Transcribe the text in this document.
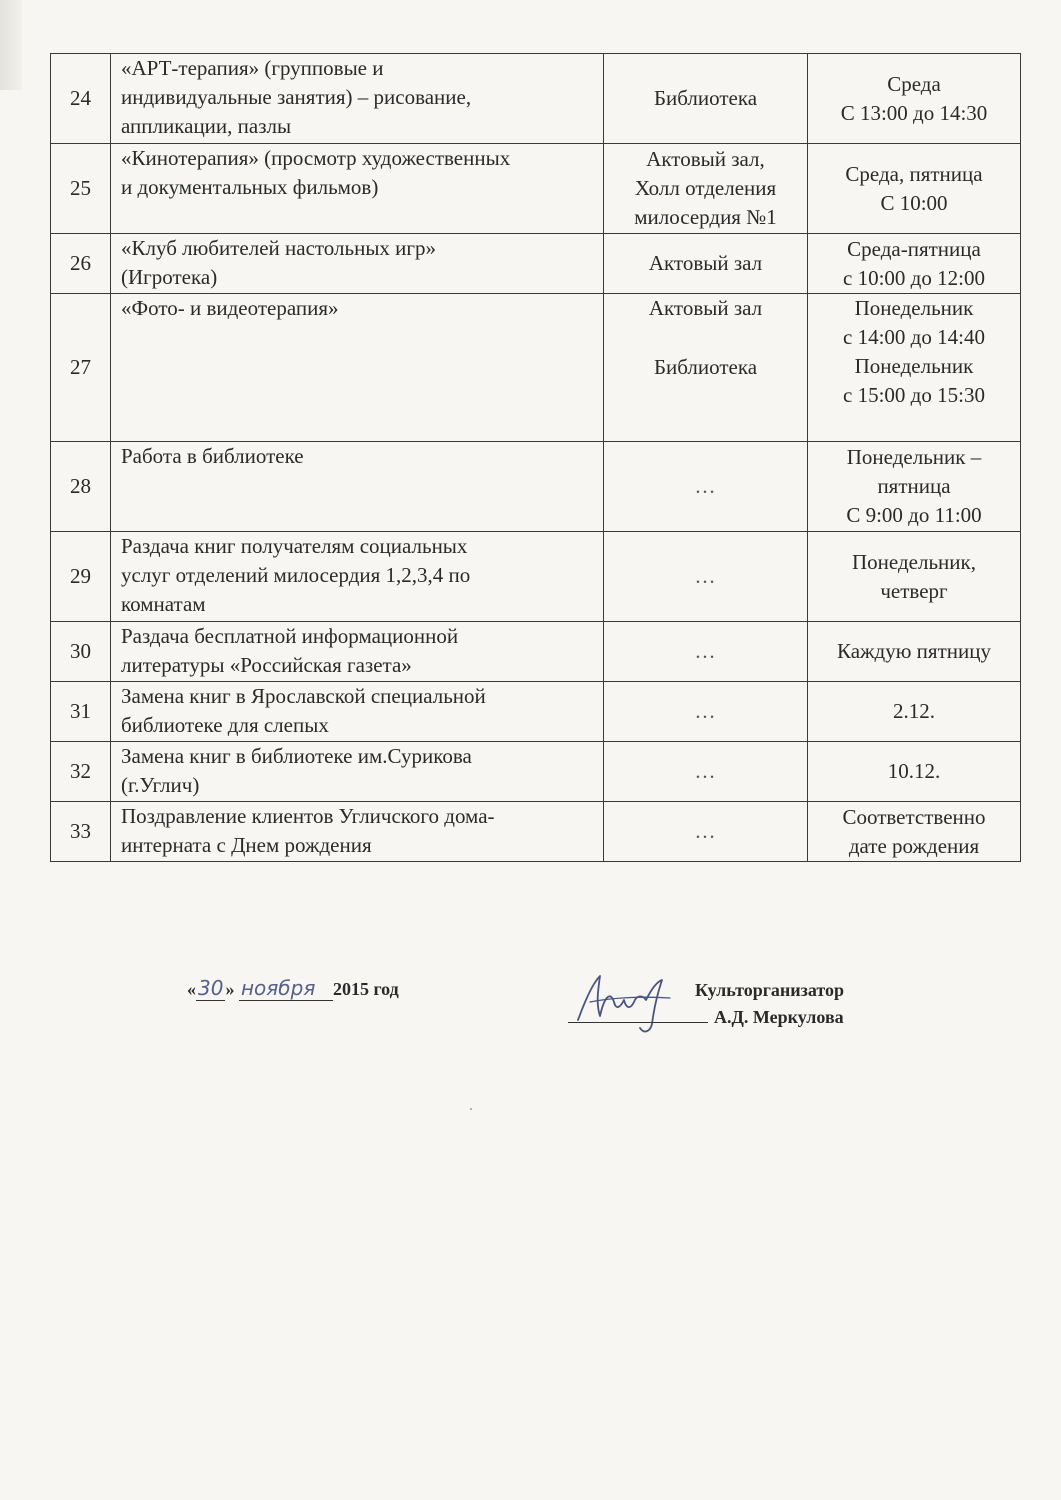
24	«АРТ-терапия» (групповые и
индивидуальные занятия) – рисование,
аппликации, пазлы	Библиотека	Среда
С 13:00 до 14:30

25	«Кинотерапия» (просмотр художественных
и документальных фильмов)	Актовый зал,
Холл отделения
милосердия №1	Среда, пятница
С 10:00

26	«Клуб любителей настольных игр»
(Игротека)	Актовый зал	Среда-пятница
с 10:00 до 12:00

27	«Фото- и видеотерапия»	Актовый зал
Библиотека	Понедельник
с 14:00 до 14:40
Понедельник
с 15:00 до 15:30

28	Работа в библиотеке	…	Понедельник –
пятница
С 9:00 до 11:00

29	Раздача книг получателям социальных
услуг отделений милосердия 1,2,3,4 по
комнатам	…	Понедельник,
четверг

30	Раздача бесплатной информационной
литературы «Российская газета»	…	Каждую пятницу

31	Замена книг в Ярославской специальной
библиотеке для слепых	…	2.12.

32	Замена книг в библиотеке им.Сурикова
(г.Углич)	…	10.12.

33	Поздравление клиентов Угличского дома-
интерната с Днем рождения	…	Соответственно
дате рождения
« 30 » ноября 2015 год	Культорганизатор
А.Д. Меркулова
